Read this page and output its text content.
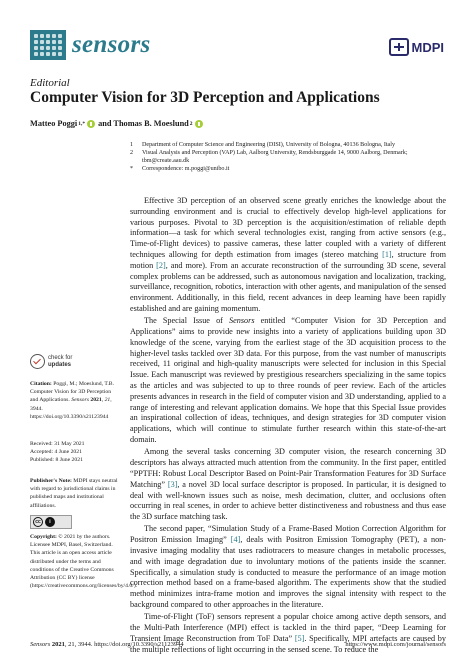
sensors	MDPI
Editorial
Computer Vision for 3D Perception and Applications
Matteo Poggi 1,* and Thomas B. Moeslund 2
1	Department of Computer Science and Engineering (DISI), University of Bologna, 40136 Bologna, Italy
2	Visual Analysis and Perception (VAP) Lab, Aalborg University, Rendsburggade 14, 9000 Aalborg, Denmark; tbm@create.aau.dk
*	Correspondence: m.poggi@unibo.it
check for
updates
Citation: Poggi, M.; Moeslund, T.B. Computer Vision for 3D Perception and Applications. Sensors 2021, 21, 3944. https://doi.org/10.3390/s21123944
Received: 31 May 2021
Accepted: 4 June 2021
Published: 8 June 2021
Publisher's Note: MDPI stays neutral with regard to jurisdictional claims in published maps and institutional affiliations.
cc	i
Copyright: © 2021 by the authors. Licensee MDPI, Basel, Switzerland. This article is an open access article distributed under the terms and conditions of the Creative Commons Attribution (CC BY) license (https://creativecommons.org/licenses/by/4.0/).

Effective 3D perception of an observed scene greatly enriches the knowledge about the surrounding environment and is crucial to effectively develop high-level applications for various purposes. Pivotal to 3D perception is the acquisition/estimation of reliable depth information—a task for which several technologies exist, ranging from active sensors (e.g., Time-of-Flight devices) to passive cameras, these latter coupled with a variety of different techniques allowing for depth estimation from images (stereo matching [1], structure from motion [2], and more). From an accurate reconstruction of the surrounding 3D scene, several complex problems can be addressed, such as autonomous navigation and localization, tracking, surveillance, recognition, robotics, interaction with other agents, and manipulation of the sensed environment. Additionally, in this field, recent advances in deep learning have been rapidly established and are gaining momentum.

The Special Issue of Sensors entitled “Computer Vision for 3D Perception and Applications” aims to provide new insights into a variety of applications building upon 3D knowledge of the scene, varying from the earliest stage of the 3D acquisition process to the higher-level tasks tackled over 3D data. For this purpose, from the vast number of manuscripts received, 11 original and high-quality manuscripts were selected for inclusion in this Special Issue. Each manuscript was reviewed by prestigious researchers specializing in the same topics as the articles and was subjected to up to three rounds of peer review. Each of the articles presents advances in research in the field of computer vision and 3D understanding, applied to a range of interesting and relevant application domains. We hope that this Special Issue provides an inspirational collection of ideas, techniques, and design strategies for 3D computer vision applications, which will continue to stimulate further research within this state-of-the-art domain.

Among the several tasks concerning 3D computer vision, the research concerning 3D descriptors has always attracted much attention from the community. In the first paper, entitled “PPTFH: Robust Local Descriptor Based on Point-Pair Transformation Features for 3D Surface Matching” [3], a novel 3D local surface descriptor is proposed. In particular, it is designed to deal with well-known issues such as noise, mesh decimation, clutter, and occlusions often occurring in real scenes, in order to achieve better distinctiveness and robustness and thus ease the 3D surface matching task.

The second paper, “Simulation Study of a Frame-Based Motion Correction Algorithm for Positron Emission Imaging” [4], deals with Positron Emission Tomography (PET), a non-invasive imaging modality that uses radiotracers to measure changes in metabolic processes, and with image degradation due to involuntary motions of the patients inside the scanner. Specifically, a simulation study is conducted to measure the performance of an image motion correction method based on a frame-based algorithm. The experiments show that the studied method minimizes intra-frame motion and improves the signal intensity with respect to the background compared to other approaches in the literature.

Time-of-Flight (ToF) sensors represent a popular choice among active depth sensors, and the Multi-Path Interference (MPI) effect is tackled in the third paper, “Deep Learning for Transient Image Reconstruction from ToF Data” [5]. Specifically, MPI artefacts are caused by the multiple reflections of light occurring in the sensed scene. To reduce the

Sensors 2021, 21, 3944. https://doi.org/10.3390/s21123944	https://www.mdpi.com/journal/sensors
